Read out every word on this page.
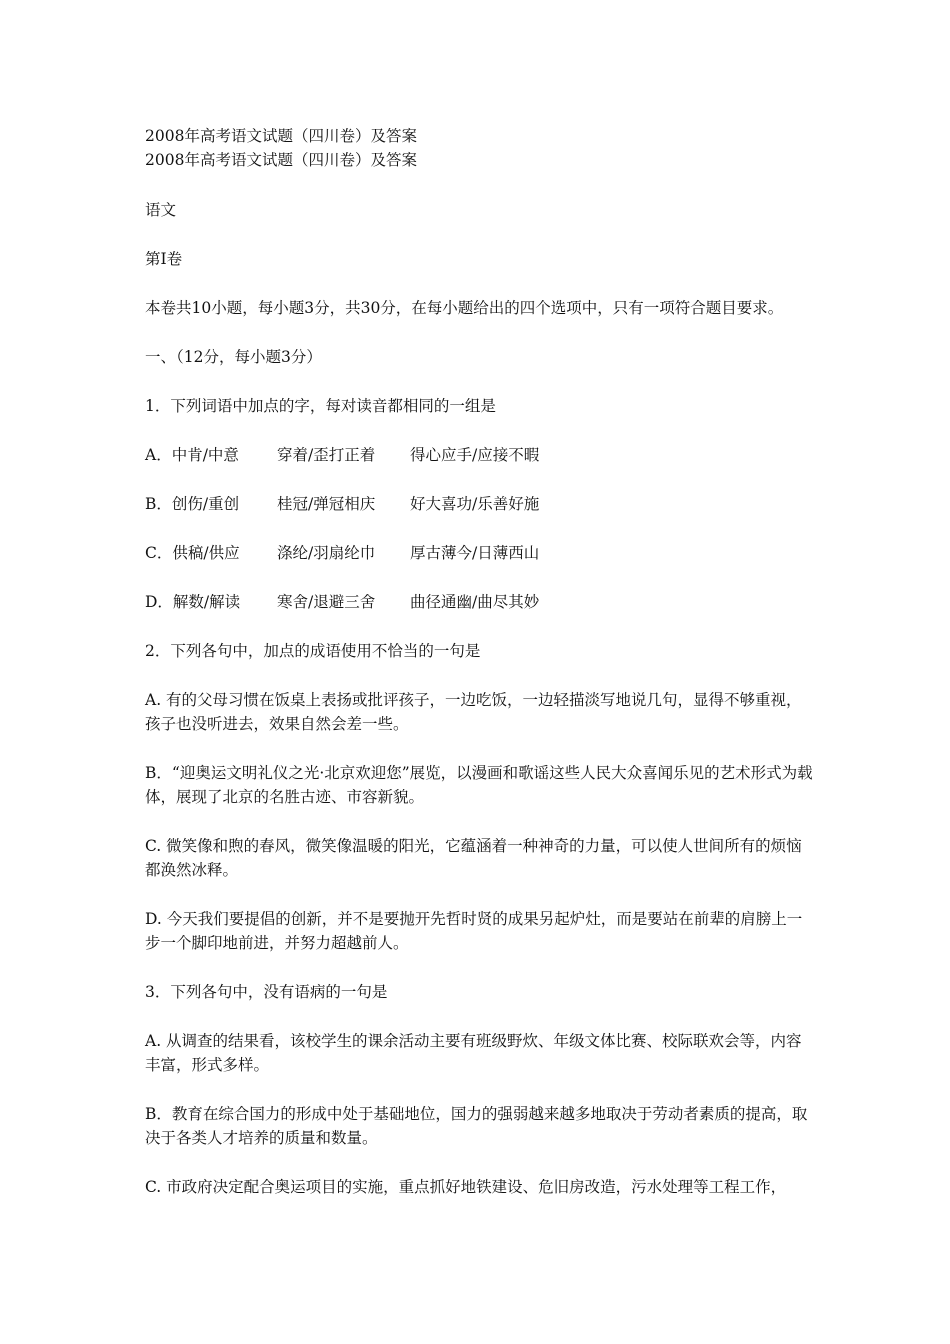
2008年高考语文试题（四川卷）及答案
2008年高考语文试题（四川卷）及答案
语文
第Ⅰ卷
本卷共10小题，每小题3分，共30分，在每小题给出的四个选项中，只有一项符合题目要求。
一、（12分，每小题3分）
1．下列词语中加点的字，每对读音都相同的一组是
A．中肯/中意	穿着/歪打正着	得心应手/应接不暇
B．创伤/重创	桂冠/弹冠相庆	好大喜功/乐善好施
C．供稿/供应	涤纶/羽扇纶巾	厚古薄今/日薄西山
D．解数/解读	寒舍/退避三舍	曲径通幽/曲尽其妙
2．下列各句中，加点的成语使用不恰当的一句是

A. 有的父母习惯在饭桌上表扬或批评孩子，一边吃饭，一边轻描淡写地说几句，显得不够重视，孩子也没听进去，效果自然会差一些。

B．“迎奥运文明礼仪之光·北京欢迎您”展览，以漫画和歌谣这些人民大众喜闻乐见的艺术形式为载体，展现了北京的名胜古迹、市容新貌。

C. 微笑像和煦的春风，微笑像温暖的阳光，它蕴涵着一种神奇的力量，可以使人世间所有的烦恼都涣然冰释。

D. 今天我们要提倡的创新，并不是要抛开先哲时贤的成果另起炉灶，而是要站在前辈的肩膀上一步一个脚印地前进，并努力超越前人。

3．下列各句中，没有语病的一句是

A. 从调查的结果看，该校学生的课余活动主要有班级野炊、年级文体比赛、校际联欢会等，内容丰富，形式多样。

B．教育在综合国力的形成中处于基础地位，国力的强弱越来越多地取决于劳动者素质的提高，取决于各类人才培养的质量和数量。

C. 市政府决定配合奥运项目的实施，重点抓好地铁建设、危旧房改造，污水处理等工程工作，
